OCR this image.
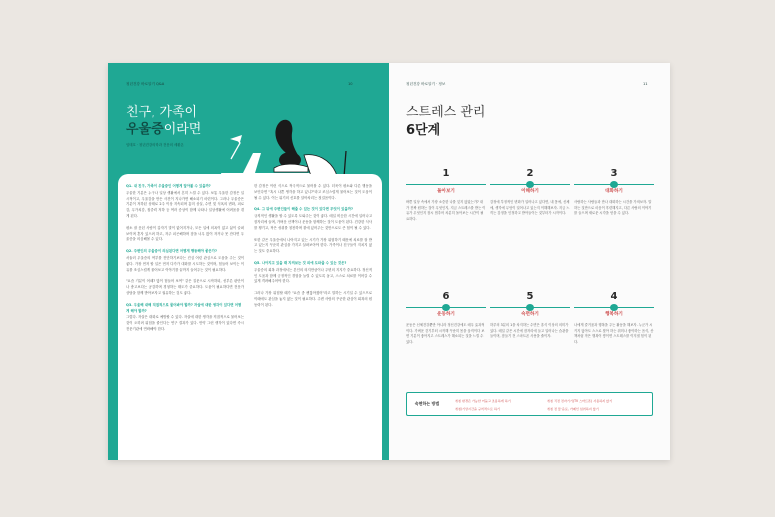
청년건강 바로알기 Q&A	10
친구, 가족이
우울증이라면
임태호 · 청년건강의학과 전문의 세환온
Q1. 내 친구, 가족이 우울증인 어떻게 알아볼 수 있을까?

우울한 기분은 누구나 일상 생활에서 흔히 느낄 수 있다. 보통 우울한 감정은 일시적이고, 우울감을 만든 사건이 지나가면 해소되기 마련이다. 그러나 우울증은 기분이 저하된 상태로 2주 이상 지속되며 흥미 상실, 수면 및 식욕의 변화, 피로감, 무가치감, 집중력 저하 등 여러 증상이 함께 나타나 일상생활에 어려움을 겪게 된다.

평소 잘 웃던 사람이 갑자기 말이 없어지거나, 모든 일에 의욕이 없고 삶이 슬퍼 보이며 혼자 있으려 하고, 자주 피곤해하며 잠을 너무 많이 자거나 못 잔다면 우울증을 의심해볼 수 있다.

Q2. 주변인의 우울증이 의심된다면 어떻게 행동해야 좋은가?

서둘러 우울증의 여부를 진단하기보다는 진심 어린 관심으로 도움을 주는 것이 좋다. 가장 먼저 할 일은 먼저 다가가 대화를 시도하는 것이며, 힘들어 보이는 이유를 조심스럽게 물어보고 이야기를 끝까지 들어주는 것이 필요하다.

"요즘 기분이 어때? 많이 힘들어 보여" 같은 질문으로 시작하되, 섣부른 판단이나 충고보다는 공감하며 경청하는 태도가 중요하다. 도움이 필요하다면 전문가 상담을 함께 받아보자고 권유하는 것도 좋다.

Q3. 우울해 대해 직접적으로 물어봐야 할까? 자살에 대한 생각이 있다면 어떻게 해야 할까?

그렇다. 자살은 대화로 예방할 수 있다. 자살에 대한 생각을 직접적으로 물어보는 것이 오히려 위험을 줄인다는 연구 결과가 있다. 만약 그런 생각이 있다면 즉시 전문기관에 연락해야 한다.

한 감정은 이런 식으로 적극적으로 물어볼 수 있다. 더욱이 평소와 다른 행동을 보인다면 "혹시 나쁜 생각을 하고 있니?"라고 조심스럽게 물어보는 것이 도움이 될 수 있다. 이는 위기의 신호를 알아차리는 첫걸음이다.

Q4. 그 뒤에 주변인들이 해줄 수 있는 것이 있다면 무엇이 있을까?

규칙적인 생활을 할 수 있도록 도와주는 것이 좋다. 매일 비슷한 시간에 일어나고 잠자리에 들며, 가벼운 산책이나 운동을 함께하는 것이 도움이 된다. 건강한 식사를 챙기고, 작은 성취를 칭찬하며 곁에 있어주는 것만으로도 큰 힘이 될 수 있다.

또한 같은 우울증에서 나아지고 있는 시기가 가장 위험하기 때문에 치료를 잘 받고 있는지 꾸준히 관심을 가지고 살펴보아야 한다. 가족이나 친구들이 지치지 않는 것도 중요하다.

Q5. 나아지고 있을 때 지켜보는 것 외에 도와줄 수 있는 것은?

우울증의 회복 과정에서는 본인의 의지만큼이나 주변의 지지가 중요하다. 정신적인 도움과 함께 긍정적인 경험을 늘릴 수 있도록 돕고, 스스로 치료를 이어갈 수 있게 격려해주어야 한다.

그러나 가장 위험할 때가 "요즘 좀 괜찮아졌어"라고 말하는 시기일 수 있으므로 이때에도 관심을 놓지 않는 것이 필요하다. 주변 사람의 꾸준한 관심이 회복의 원동력이 된다.

청년건강 바로알기 · 정보	11
스트레스 관리
6단계
1
돌아보기
바쁜 일상 속에서 가장 소중한 나를 잊지 않았는가? 내가 진짜 원하는 것이 무엇인지, 지금 스트레스를 받는 이유가 무엇인지 잠시 멈추어 차분히 돌아보는 시간이 필요하다.
2
이해하기
감정에 부정적인 변화가 일어나고 있다면, 내 몸에, 신체에, 생각에 무엇이 일어나고 있는지 이해해보자. 지금 느끼는 감정을 인정하고 받아들이는 것부터가 시작이다.
3
대화하기
사람하는 사람들과 만나 대화하는 시간을 가져보자. 말하는 것만으로 마음이 후련해지고, 다른 사람의 이야기를 들으며 새로운 시각을 얻을 수 있다.
6
운동하기
운동은 신체건강뿐만 아니라 정신건강에도 매우 효과적이다. 가벼운 걷기부터 시작해 꾸준히 몸을 움직이다 보면 기분이 좋아지고 스트레스가 해소되는 것을 느낄 수 있다.
5
숙면하기
하루의 3분의 1을 차지하는 수면은 휴식 이상의 의미가 있다. 매일 같은 시간에 잠자리에 들고 일어나는 습관을 들이며, 잠들기 전 스마트폰 사용을 줄이자.
4
행복하기
나에게 즐거움과 행복을 주는 활동을 해보자. 누군가 시키지 않아도 스스로 찾아 하는 취미나 좋아하는 음식, 산책처럼 작은 행복이 쌓이면 스트레스를 이겨낼 힘이 된다.
숙면하는 방법	취침 환경은 가능한 어둡고 조용하게 하기	취침 직전 전자기기(TV 스마트폰) 사용하지 않기
취침/기상시간을 규칙적으로 하기	취침 전 물·음료, 카페인 섭취하지 않기
